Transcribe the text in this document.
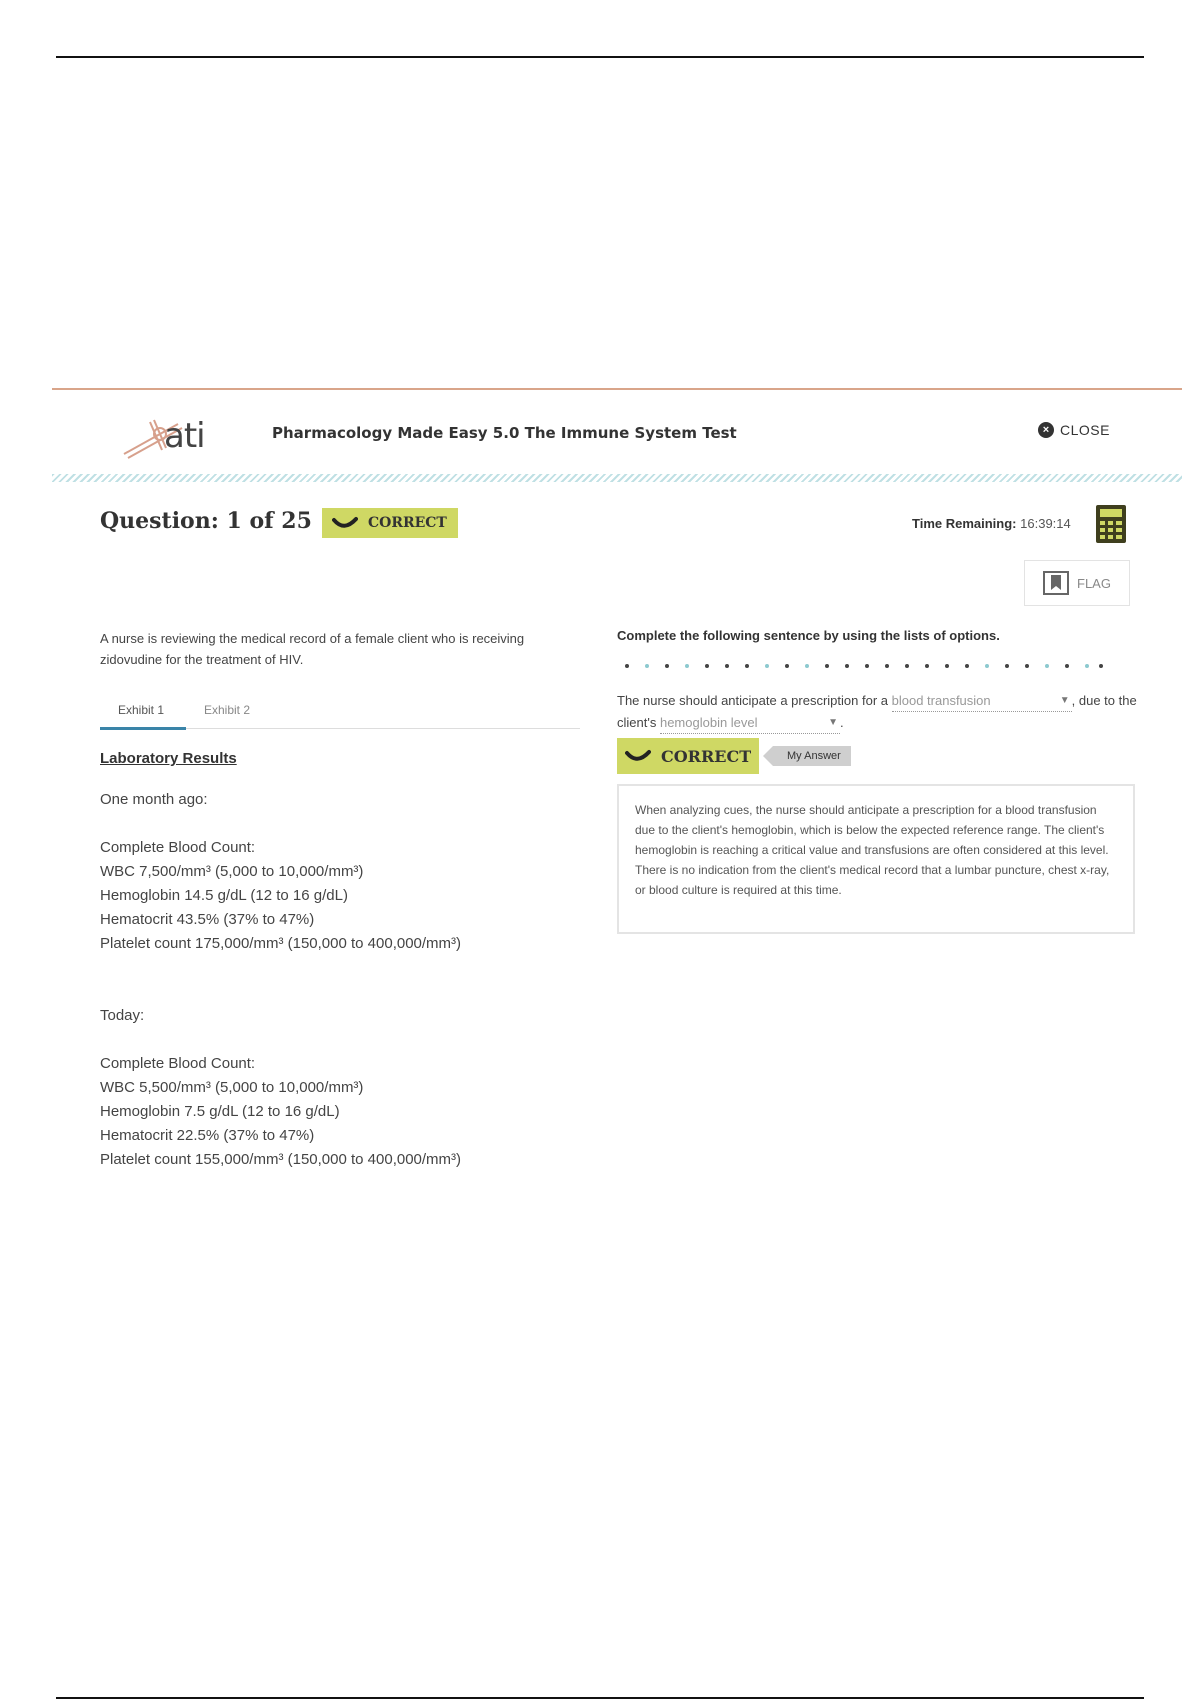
ati	Pharmacology Made Easy 5.0 The Immune System Test	× CLOSE
Question: 1 of 25	CORRECT	Time Remaining: 16:39:14
FLAG

A nurse is reviewing the medical record of a female client who is receiving zidovudine for the treatment of HIV.

Exhibit 1	Exhibit 2
Laboratory Results
One month ago:
Complete Blood Count:
WBC 7,500/mm³ (5,000 to 10,000/mm³)
Hemoglobin 14.5 g/dL (12 to 16 g/dL)
Hematocrit 43.5% (37% to 47%)
Platelet count 175,000/mm³ (150,000 to 400,000/mm³)
Today:
Complete Blood Count:
WBC 5,500/mm³ (5,000 to 10,000/mm³)
Hemoglobin 7.5 g/dL (12 to 16 g/dL)
Hematocrit 22.5% (37% to 47%)
Platelet count 155,000/mm³ (150,000 to 400,000/mm³)
Complete the following sentence by using the lists of options.
The nurse should anticipate a prescription for a blood transfusion	▼ , due to the client's hemoglobin level	▼ .
CORRECT	My Answer
When analyzing cues, the nurse should anticipate a prescription for a blood transfusion due to the client's hemoglobin, which is below the expected reference range. The client's hemoglobin is reaching a critical value and transfusions are often considered at this level. There is no indication from the client's medical record that a lumbar puncture, chest x-ray, or blood culture is required at this time.
